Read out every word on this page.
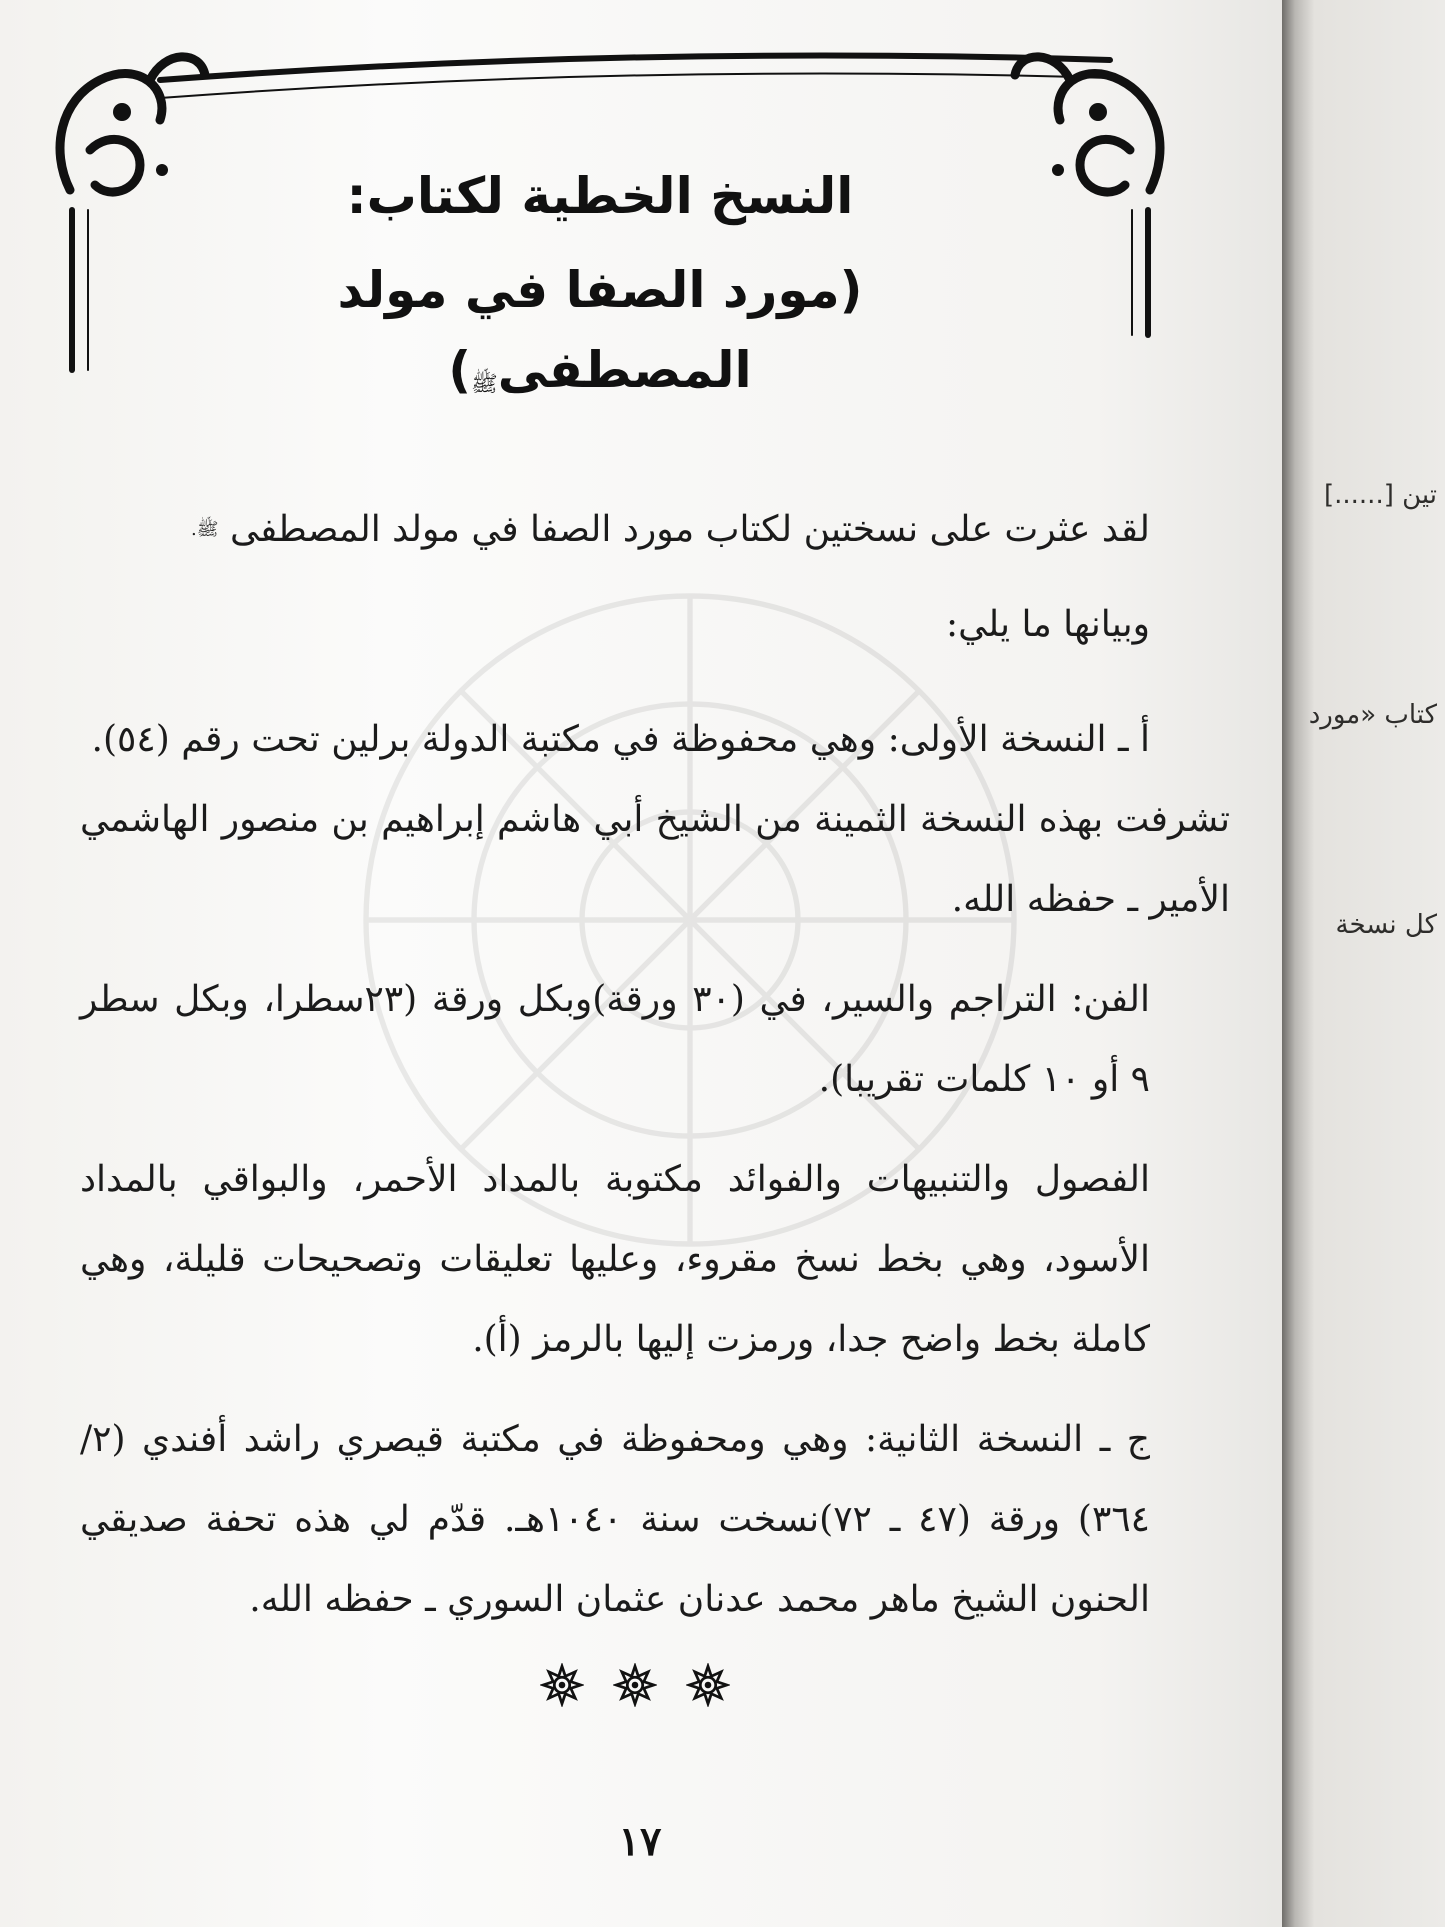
النسخ الخطية لكتاب:
(مورد الصفا في مولد المصطفىﷺ)

لقد عثرت على نسختين لكتاب مورد الصفا في مولد المصطفى ﷺ.

وبيانها ما يلي:

أ ـ النسخة الأولى: وهي محفوظة في مكتبة الدولة برلين تحت رقم (٥٤).

تشرفت بهذه النسخة الثمينة من الشيخ أبي هاشم إبراهيم بن منصور الهاشمي الأمير ـ حفظه الله.

الفن: التراجم والسير، في (٣٠ ورقة)وبكل ورقة (٢٣سطرا، وبكل سطر ٩ أو ١٠ كلمات تقريبا).

الفصول والتنبيهات والفوائد مكتوبة بالمداد الأحمر، والبواقي بالمداد الأسود، وهي بخط نسخ مقروء، وعليها تعليقات وتصحيحات قليلة، وهي كاملة بخط واضح جدا، ورمزت إليها بالرمز (أ).

ج ـ النسخة الثانية: وهي ومحفوظة في مكتبة قيصري راشد أفندي (٢/ ٣٦٤) ورقة (٤٧ ـ ٧٢)نسخت سنة ١٠٤٠هـ. قدّم لي هذه تحفة صديقي الحنون الشيخ ماهر محمد عدنان عثمان السوري ـ حفظه الله.

١٧
تين [......]
كتاب «مورد
كل نسخة
